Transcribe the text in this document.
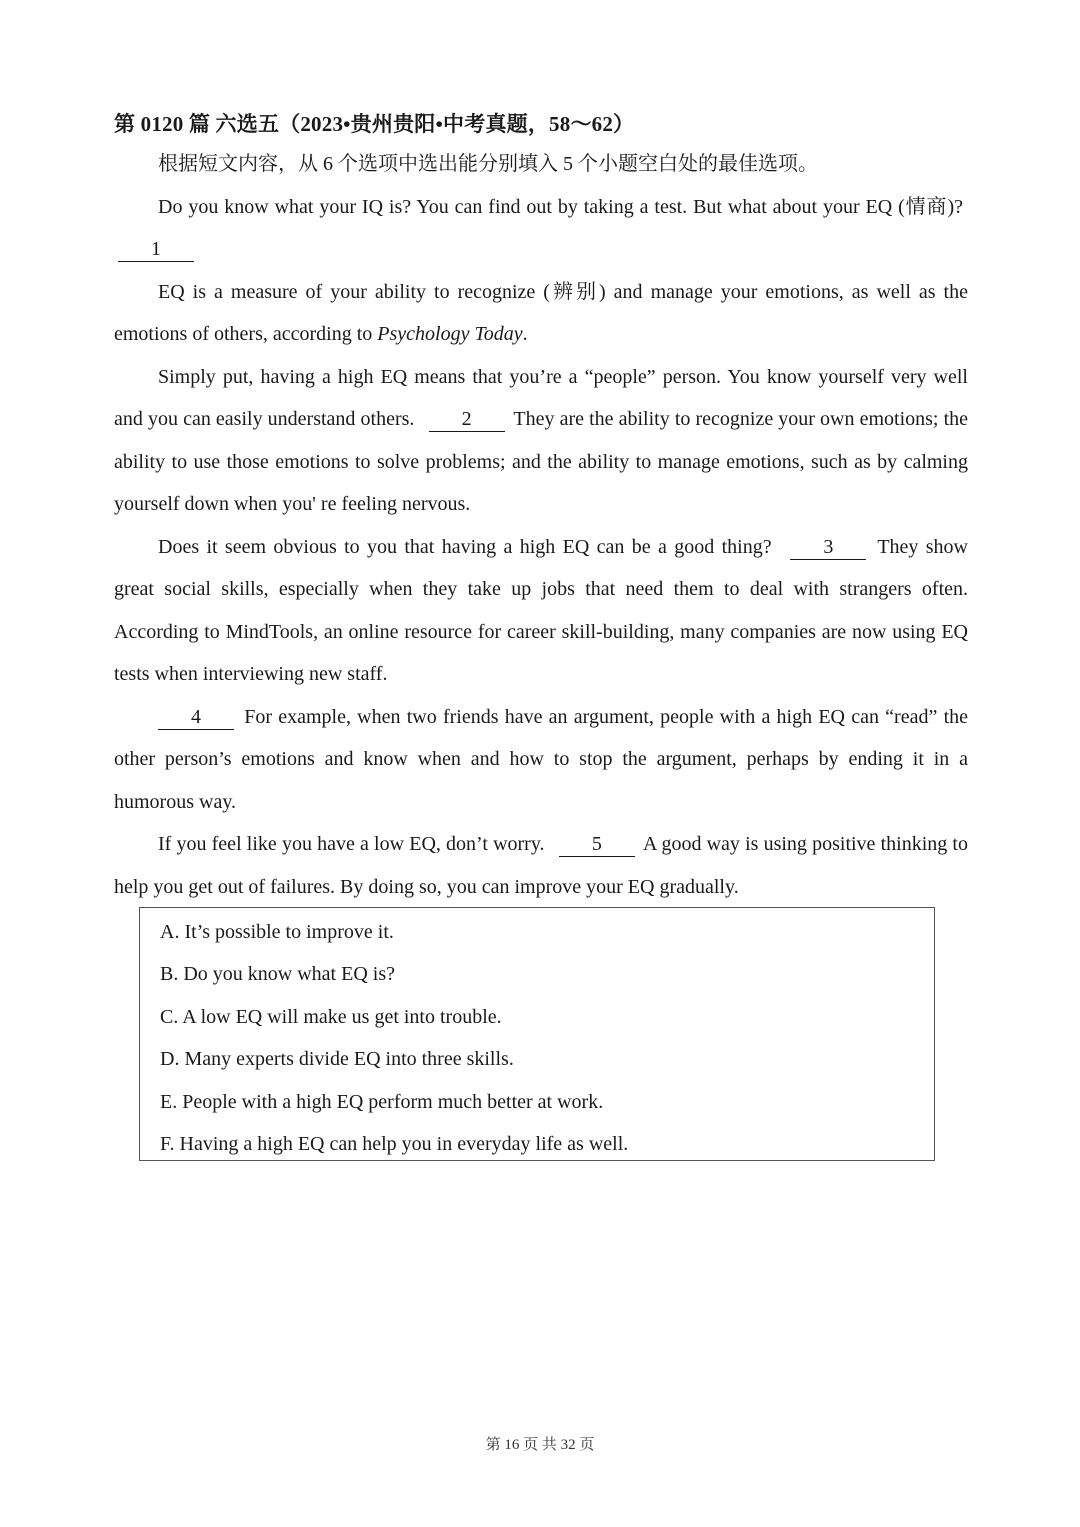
第 0120 篇 六选五（2023•贵州贵阳•中考真题，58～62）

根据短文内容，从 6 个选项中选出能分别填入 5 个小题空白处的最佳选项。

Do you know what your IQ is? You can find out by taking a test. But what about your EQ (情商)?  1

EQ is a measure of your ability to recognize (辨别) and manage your emotions, as well as the emotions of others, according to Psychology Today.

Simply put, having a high EQ means that you’re a “people” person. You know yourself very well and you can easily understand others. 2 They are the ability to recognize your own emotions; the ability to use those emotions to solve problems; and the ability to manage emotions, such as by calming yourself down when you' re feeling nervous.

Does it seem obvious to you that having a high EQ can be a good thing?	3 They show great social skills, especially when they take up jobs that need them to deal with strangers often. According to MindTools, an online resource for career skill-building, many companies are now using EQ tests when interviewing new staff.

4 For example, when two friends have an argument, people with a high EQ can “read” the other person’s emotions and know when and how to stop the argument, perhaps by ending it in a humorous way.

If you feel like you have a low EQ, don’t worry. 5 A good way is using positive thinking to help you get out of failures. By doing so, you can improve your EQ gradually.

A. It’s possible to improve it.
B. Do you know what EQ is?
C. A low EQ will make us get into trouble.
D. Many experts divide EQ into three skills.
E. People with a high EQ perform much better at work.
F. Having a high EQ can help you in everyday life as well.
第 16 页 共 32 页
